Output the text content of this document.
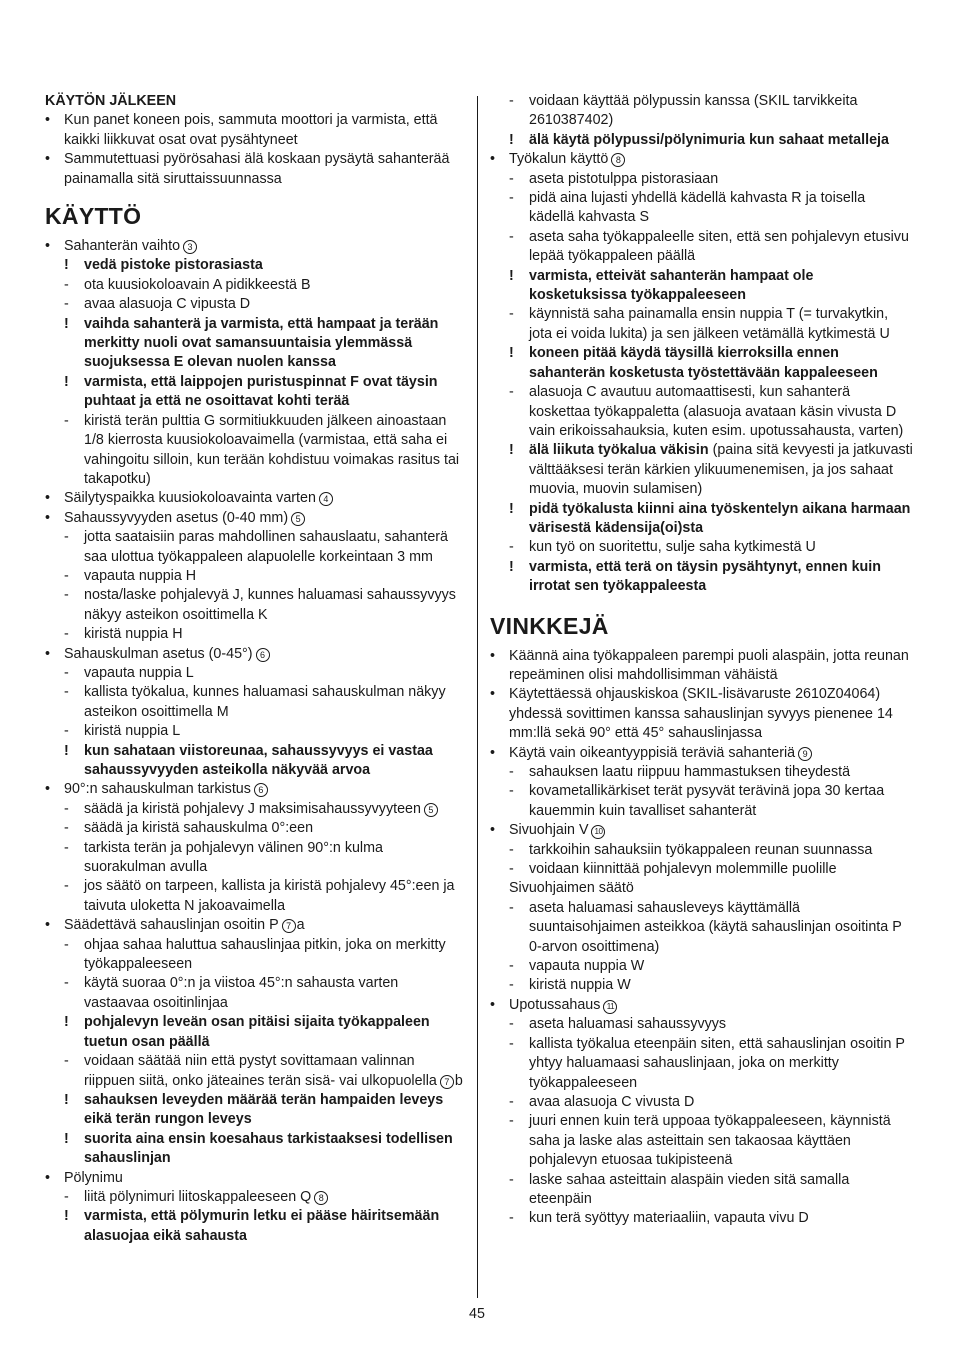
KÄYTÖN JÄLKEEN
• Kun panet koneen pois, sammuta moottori ja varmista, että kaikki liikkuvat osat ovat pysähtyneet
• Sammutettuasi pyörösahasi älä koskaan pysäytä sahanterää painamalla sitä siruttaissuunnassa
KÄYTTÖ
• Sahanterän vaihto 3
! vedä pistoke pistorasiasta
- ota kuusiokoloavain A pidikkeestä B
- avaa alasuoja C vipusta D
! vaihda sahanterä ja varmista, että hampaat ja terään merkitty nuoli ovat samansuuntaisia ylemmässä suojuksessa E olevan nuolen kanssa
! varmista, että laippojen puristuspinnat F ovat täysin puhtaat ja että ne osoittavat kohti terää
- kiristä terän pulttia G sormitiukkuuden jälkeen ainoastaan 1/8 kierrosta kuusiokoloavaimella (varmistaa, että saha ei vahingoitu silloin, kun terään kohdistuu voimakas rasitus tai takapotku)
• Säilytyspaikka kuusiokoloavainta varten 4
• Sahaussyvyyden asetus (0-40 mm) 5
- jotta saataisiin paras mahdollinen sahauslaatu, sahanterä saa ulottua työkappaleen alapuolelle korkeintaan 3 mm
- vapauta nuppia H
- nosta/laske pohjalevyä J, kunnes haluamasi sahaussyvyys näkyy asteikon osoittimella K
- kiristä nuppia H
• Sahauskulman asetus (0-45°) 6
- vapauta nuppia L
- kallista työkalua, kunnes haluamasi sahauskulman näkyy asteikon osoittimella M
- kiristä nuppia L
! kun sahataan viistoreunaa, sahaussyvyys ei vastaa sahaussyvyyden asteikolla näkyvää arvoa
• 90°:n sahauskulman tarkistus 6
- säädä ja kiristä pohjalevy J maksimisahaussyvyyteen 5
- säädä ja kiristä sahauskulma 0°:een
- tarkista terän ja pohjalevyn välinen 90°:n kulma suorakulman avulla
- jos säätö on tarpeen, kallista ja kiristä pohjalevy 45°:een ja taivuta uloketta N jakoavaimella
• Säädettävä sahauslinjan osoitin P 7 a
- ohjaa sahaa haluttua sahauslinjaa pitkin, joka on merkitty työkappaleeseen
- käytä suoraa 0°:n ja viistoa 45°:n sahausta varten vastaavaa osoitinlinjaa
! pohjalevyn leveän osan pitäisi sijaita työkappaleen tuetun osan päällä
- voidaan säätää niin että pystyt sovittamaan valinnan riippuen siitä, onko jäteaines terän sisä- vai ulkopuolella 7 b
! sahauksen leveyden määrää terän hampaiden leveys eikä terän rungon leveys
! suorita aina ensin koesahaus tarkistaaksesi todellisen sahauslinjan
• Pölynimu
- liitä pölynimuri liitoskappaleeseen Q 8
! varmista, että pölymurin letku ei pääse häiritsemään alasuojaa eikä sahausta
- voidaan käyttää pölypussin kanssa (SKIL tarvikkeita 2610387402)
! älä käytä pölypussi/pölynimuria kun sahaat metalleja
• Työkalun käyttö 8
- aseta pistotulppa pistorasiaan
- pidä aina lujasti yhdellä kädellä kahvasta R ja toisella kädellä kahvasta S
- aseta saha työkappaleelle siten, että sen pohjalevyn etusivu lepää työkappaleen päällä
! varmista, etteivät sahanterän hampaat ole kosketuksissa työkappaleeseen
- käynnistä saha painamalla ensin nuppia T (= turvakytkin, jota ei voida lukita) ja sen jälkeen vetämällä kytkimestä U
! koneen pitää käydä täysillä kierroksilla ennen sahanterän kosketusta työstettävään kappaleeseen
- alasuoja C avautuu automaattisesti, kun sahanterä koskettaa työkappaletta (alasuoja avataan käsin vivusta D vain erikoissahauksia, kuten esim. upotussahausta, varten)
! älä liikuta työkalua väkisin (paina sitä kevyesti ja jatkuvasti välttääksesi terän kärkien ylikuumenemisen, ja jos sahaat muovia, muovin sulamisen)
! pidä työkalusta kiinni aina työskentelyn aikana harmaan värisestä kädensija(oi)sta
- kun työ on suoritettu, sulje saha kytkimestä U
! varmista, että terä on täysin pysähtynyt, ennen kuin irrotat sen työkappaleesta
VINKKEJÄ
• Käännä aina työkappaleen parempi puoli alaspäin, jotta reunan repeäminen olisi mahdollisimman vähäistä
• Käytettäessä ohjauskiskoa (SKIL-lisävaruste 2610Z04064) yhdessä sovittimen kanssa sahauslinjan syvyys pienenee 14 mm:llä sekä 90° että 45° sahauslinjassa
• Käytä vain oikeantyyppisiä teräviä sahanteriä 9
- sahauksen laatu riippuu hammastuksen tiheydestä
- kovametallikärkiset terät pysyvät terävinä jopa 30 kertaa kauemmin kuin tavalliset sahanterät
• Sivuohjain V 10
- tarkkoihin sahauksiin työkappaleen reunan suunnassa
- voidaan kiinnittää pohjalevyn molemmille puolille
Sivuohjaimen säätö
- aseta haluamasi sahausleveys käyttämällä suuntaisohjaimen asteikkoa (käytä sahauslinjan osoitinta P 0-arvon osoittimena)
- vapauta nuppia W
- kiristä nuppia W
• Upotussahaus 11
- aseta haluamasi sahaussyvyys
- kallista työkalua eteenpäin siten, että sahauslinjan osoitin P yhtyy haluamaasi sahauslinjaan, joka on merkitty työkappaleeseen
- avaa alasuoja C vivusta D
- juuri ennen kuin terä uppoaa työkappaleeseen, käynnistä saha ja laske alas asteittain sen takaosaa käyttäen pohjalevyn etuosaa tukipisteenä
- laske sahaa asteittain alaspäin vieden sitä samalla eteenpäin
- kun terä syöttyy materiaaliin, vapauta vivu D
45
